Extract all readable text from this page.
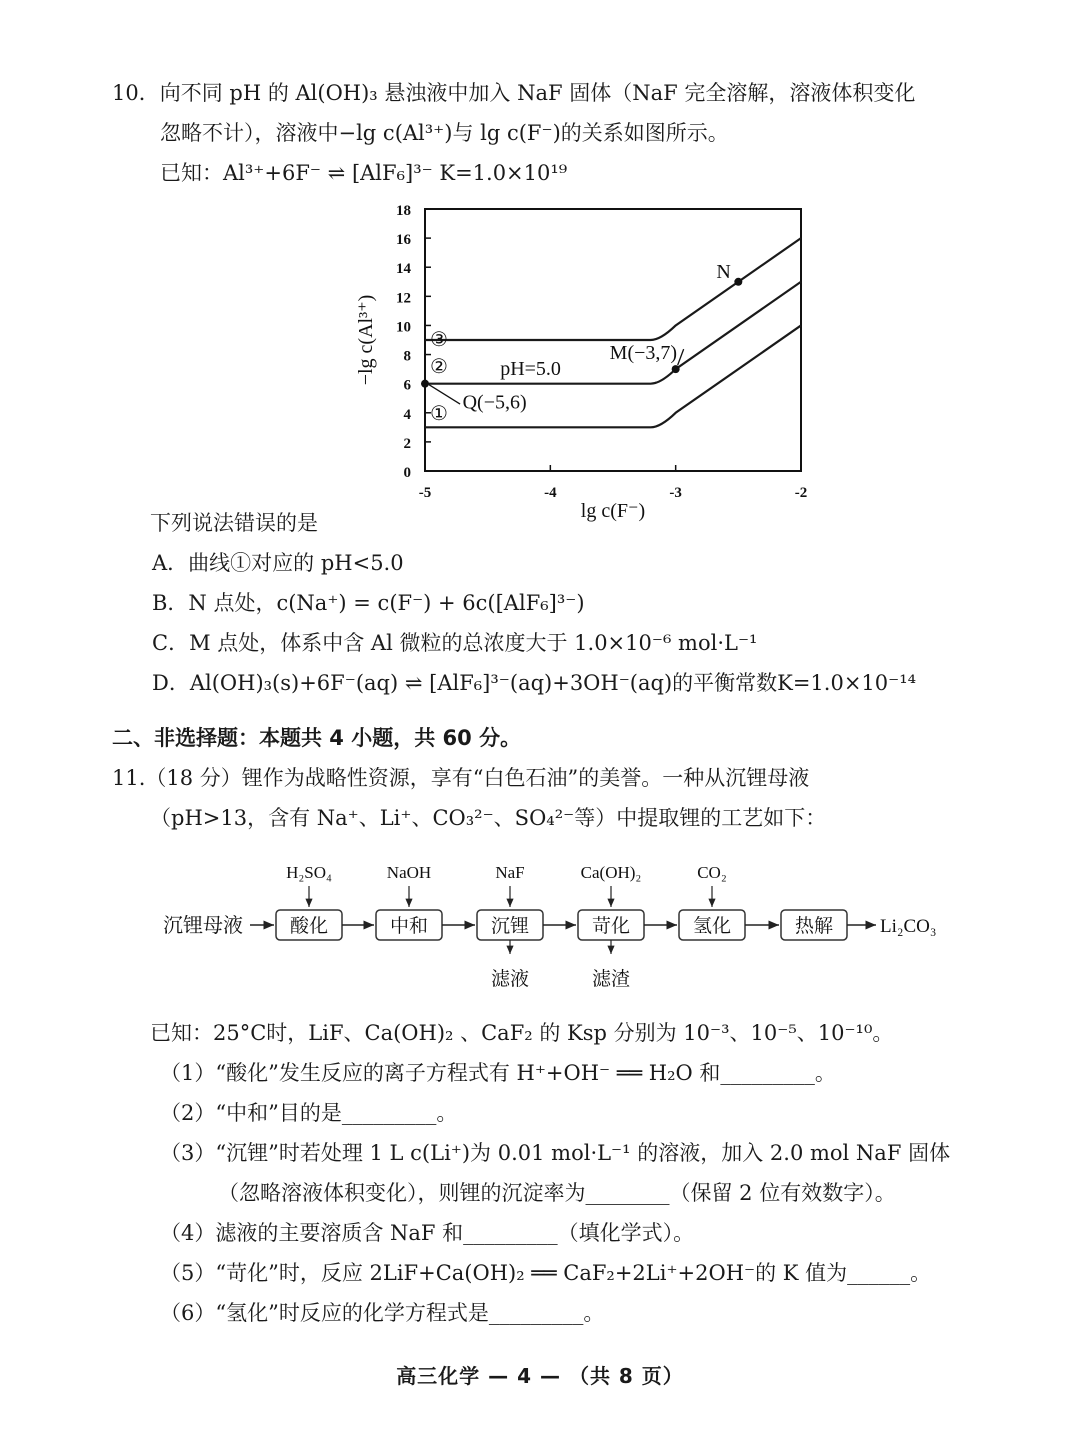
10．向不同 pH 的 Al(OH)₃ 悬浊液中加入 NaF 固体（NaF 完全溶解，溶液体积变化
忽略不计），溶液中−lg c(Al³⁺)与 lg c(F⁻)的关系如图所示。
已知：Al³⁺+6F⁻ ⇌ [AlF₆]³⁻ K=1.0×10¹⁹
0
2
4
6
8
10
12
14
16
18
-5	-4	-3	-2
−lg c(Al³⁺)
lg c(F⁻)
③
②
①
pH=5.0
N
M(−3,7)
Q(−5,6)
下列说法错误的是
A．曲线①对应的 pH<5.0
B．N 点处，c(Na⁺) = c(F⁻) + 6c([AlF₆]³⁻)
C．M 点处，体系中含 Al 微粒的总浓度大于 1.0×10⁻⁶ mol·L⁻¹
D．Al(OH)₃(s)+6F⁻(aq) ⇌ [AlF₆]³⁻(aq)+3OH⁻(aq)的平衡常数K=1.0×10⁻¹⁴
二、非选择题：本题共 4 小题，共 60 分。
11.（18 分）锂作为战略性资源，享有“白色石油”的美誉。一种从沉锂母液
（pH>13，含有 Na⁺、Li⁺、CO₃²⁻、SO₄²⁻等）中提取锂的工艺如下：
沉锂母液 酸化	中和	沉锂	苛化	氢化	热解
H₂SO₄	NaOH	NaF	Ca(OH)₂	CO₂
滤液	滤渣
Li₂CO₃
已知：25°C时，LiF、Ca(OH)₂ 、CaF₂ 的 Ksp 分别为 10⁻³、10⁻⁵、10⁻¹⁰。
（1）“酸化”发生反应的离子方程式有 H⁺+OH⁻ ══ H₂O 和_________。
（2）“中和”目的是_________。
（3）“沉锂”时若处理 1 L c(Li⁺)为 0.01 mol·L⁻¹ 的溶液，加入 2.0 mol NaF 固体
（忽略溶液体积变化），则锂的沉淀率为________（保留 2 位有效数字）。
（4）滤液的主要溶质含 NaF 和_________（填化学式）。
（5）“苛化”时，反应 2LiF+Ca(OH)₂ ══ CaF₂+2Li⁺+2OH⁻的 K 值为______。
（6）“氢化”时反应的化学方程式是_________。
高三化学 — 4 — （共 8 页）
